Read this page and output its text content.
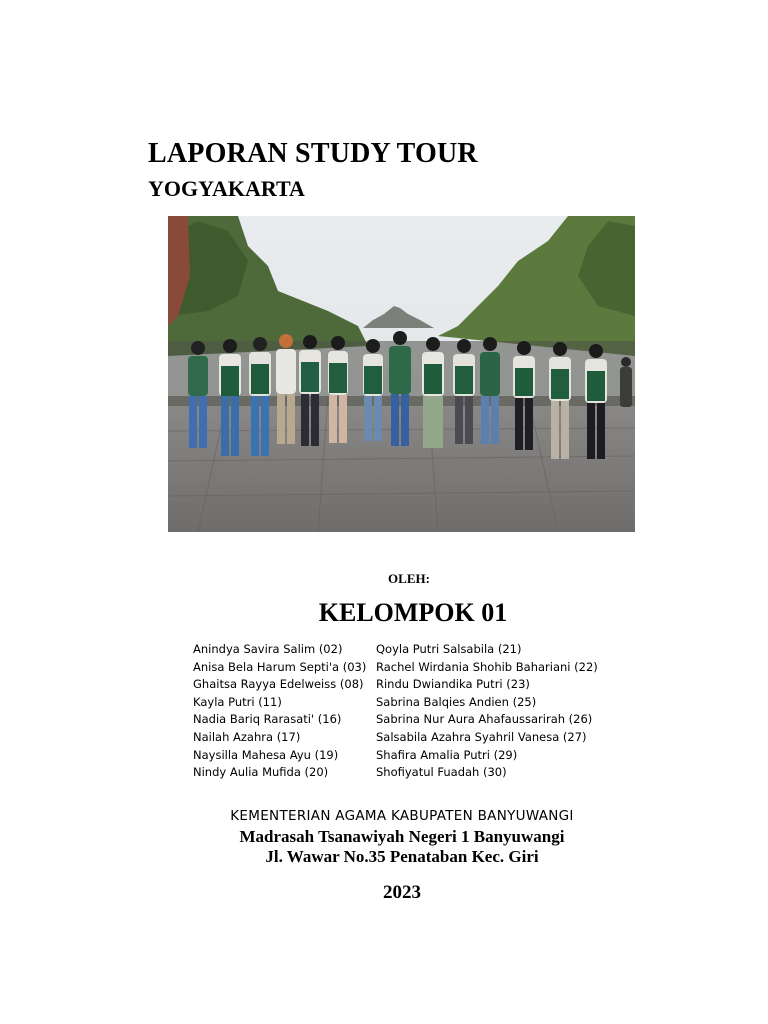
LAPORAN STUDY TOUR
YOGYAKARTA
OLEH:
KELOMPOK 01
Anindya Savira Salim (02)
Anisa Bela Harum Septi'a (03)
Ghaitsa Rayya Edelweiss (08)
Kayla Putri (11)
Nadia Bariq Rarasati' (16)
Nailah Azahra (17)
Naysilla Mahesa Ayu (19)
Nindy Aulia Mufida (20)
Qoyla Putri Salsabila (21)
Rachel Wirdania Shohib Bahariani (22)
Rindu Dwiandika Putri (23)
Sabrina Balqies Andien (25)
Sabrina Nur Aura Ahafaussarirah (26)
Salsabila Azahra Syahril Vanesa (27)
Shafira Amalia Putri (29)
Shofiyatul Fuadah (30)
KEMENTERIAN AGAMA KABUPATEN BANYUWANGI
Madrasah Tsanawiyah Negeri 1 Banyuwangi
Jl. Wawar No.35 Penataban Kec. Giri
2023
